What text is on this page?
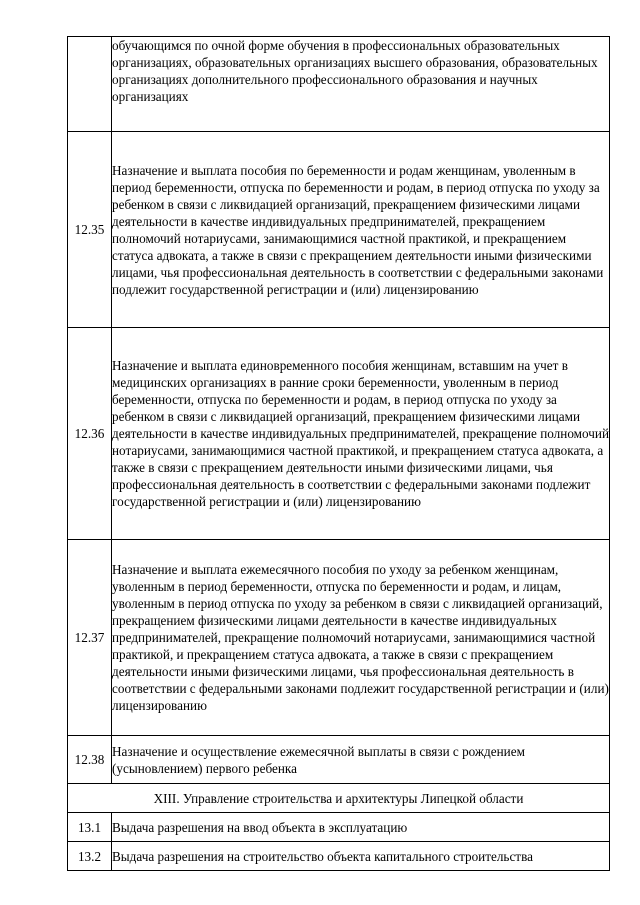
	обучающимся по очной форме обучения в профессиональных образовательных организациях, образовательных организациях высшего образования, образовательных организациях дополнительного профессионального образования и научных организациях
12.35	Назначение и выплата пособия по беременности и родам женщинам, уволенным в период беременности, отпуска по беременности и родам, в период отпуска по уходу за ребенком в связи с ликвидацией организаций, прекращением физическими лицами деятельности в качестве индивидуальных предпринимателей, прекращением полномочий нотариусами, занимающимися частной практикой, и прекращением статуса адвоката, а также в связи с прекращением деятельности иными физическими лицами, чья профессиональная деятельность в соответствии с федеральными законами подлежит государственной регистрации и (или) лицензированию
12.36	Назначение и выплата единовременного пособия женщинам, вставшим на учет в медицинских организациях в ранние сроки беременности, уволенным в период беременности, отпуска по беременности и родам, в период отпуска по уходу за ребенком в связи с ликвидацией организаций, прекращением физическими лицами деятельности в качестве индивидуальных предпринимателей, прекращение полномочий нотариусами, занимающимися частной практикой, и прекращением статуса адвоката, а также в связи с прекращением деятельности иными физическими лицами, чья профессиональная деятельность в соответствии с федеральными законами подлежит государственной регистрации и (или) лицензированию
12.37	Назначение и выплата ежемесячного пособия по уходу за ребенком женщинам, уволенным в период беременности, отпуска по беременности и родам, и лицам, уволенным в период отпуска по уходу за ребенком в связи с ликвидацией организаций, прекращением физическими лицами деятельности в качестве индивидуальных предпринимателей, прекращение полномочий нотариусами, занимающимися частной практикой, и прекращением статуса адвоката, а также в связи с прекращением деятельности иными физическими лицами, чья профессиональная деятельность в соответствии с федеральными законами подлежит государственной регистрации и (или) лицензированию
12.38	Назначение и осуществление ежемесячной выплаты в связи с рождением (усыновлением) первого ребенка
XIII. Управление строительства и архитектуры Липецкой области	
13.1	Выдача разрешения на ввод объекта в эксплуатацию
13.2	Выдача разрешения на строительство объекта капитального строительства
